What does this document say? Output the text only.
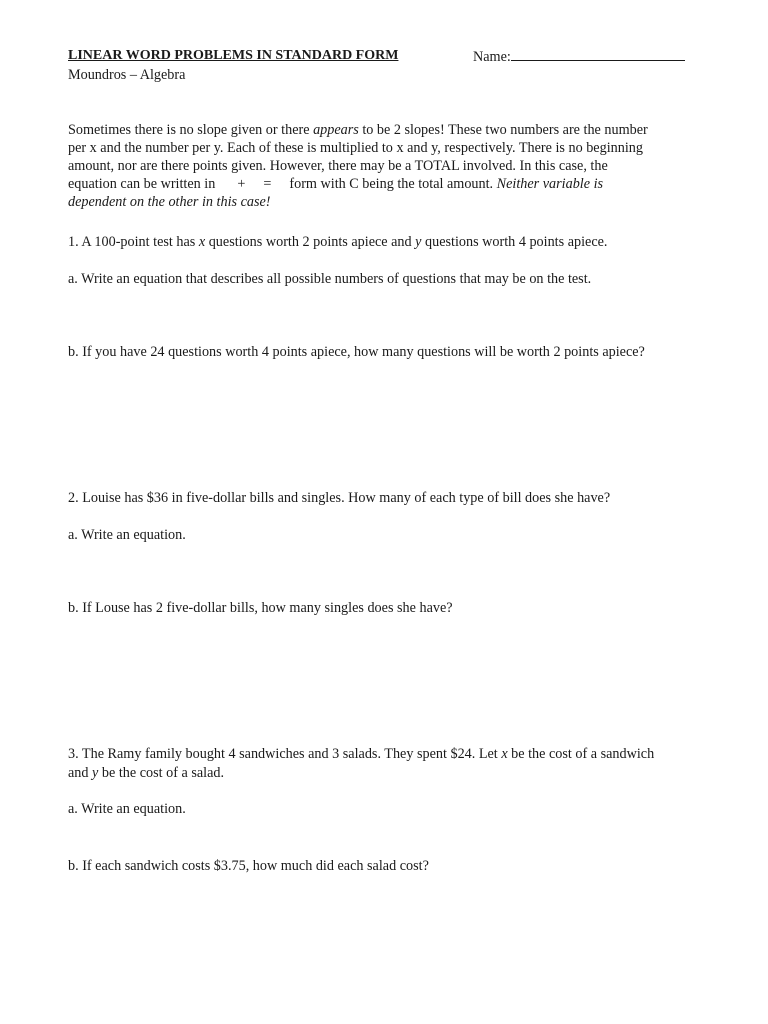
LINEAR WORD PROBLEMS IN STANDARD FORM	Name:
Moundros – Algebra
Sometimes there is no slope given or there appears to be 2 slopes! These two numbers are the number
per x and the number per y. Each of these is multiplied to x and y, respectively. There is no beginning
amount, nor are there points given. However, there may be a TOTAL involved. In this case, the
equation can be written in + = form with C being the total amount. Neither variable is
dependent on the other in this case!
1. A 100-point test has x questions worth 2 points apiece and y questions worth 4 points apiece.
a. Write an equation that describes all possible numbers of questions that may be on the test.
b. If you have 24 questions worth 4 points apiece, how many questions will be worth 2 points apiece?
2. Louise has $36 in five-dollar bills and singles. How many of each type of bill does she have?
a. Write an equation.
b. If Louse has 2 five-dollar bills, how many singles does she have?
3. The Ramy family bought 4 sandwiches and 3 salads. They spent $24. Let x be the cost of a sandwich
and y be the cost of a salad.
a. Write an equation.
b. If each sandwich costs $3.75, how much did each salad cost?
